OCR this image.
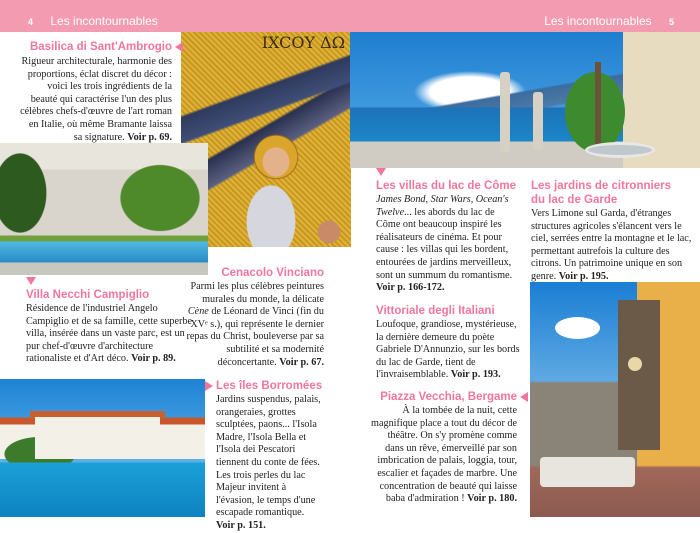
4 Les incontournables	Les incontournables 5
IXCOΥ ΔΩ
Basilica di Sant'Ambrogio
Rigueur architecturale, harmonie des proportions, éclat discret du décor : voici les trois ingrédients de la beauté qui caractérise l'un des plus célèbres chefs-d'œuvre de l'art roman en Italie, où même Bramante laissa sa signature. Voir p. 69.
Villa Necchi Campiglio
Résidence de l'industriel Angelo Campiglio et de sa famille, cette superbe villa, insérée dans un vaste parc, est un pur chef-d'œuvre d'architecture rationaliste et d'Art déco. Voir p. 89.
Cenacolo Vinciano
Parmi les plus célèbres peintures murales du monde, la délicate Cène de Léonard de Vinci (fin du XVᵉ s.), qui représente le dernier repas du Christ, bouleverse par sa subtilité et sa modernité déconcertante. Voir p. 67.
Les îles Borromées
Jardins suspendus, palais, orangeraies, grottes sculptées, paons... l'Isola Madre, l'Isola Bella et l'Isola dei Pescatori tiennent du conte de fées. Les trois perles du lac Majeur invitent à l'évasion, le temps d'une escapade romantique. Voir p. 151.
Les villas du lac de Côme
James Bond, Star Wars, Ocean's Twelve... les abords du lac de Côme ont beaucoup inspiré les réalisateurs de cinéma. Et pour cause : les villas qui les bordent, entourées de jardins merveilleux, sont un summum du romantisme. Voir p. 166-172.
Les jardins de citronniers
du lac de Garde
Vers Limone sul Garda, d'étranges structures agricoles s'élancent vers le ciel, serrées entre la montagne et le lac, permettant autrefois la culture des citrons. Un patrimoine unique en son genre. Voir p. 195.
Vittoriale degli Italiani
Loufoque, grandiose, mystérieuse, la dernière demeure du poète Gabriele D'Annunzio, sur les bords du lac de Garde, tient de l'invraisemblable. Voir p. 193.
Piazza Vecchia, Bergame
À la tombée de la nuit, cette magnifique place a tout du décor de théâtre. On s'y promène comme dans un rêve, émerveillé par son imbrication de palais, loggia, tour, escalier et façades de marbre. Une concentration de beauté qui laisse baba d'admiration ! Voir p. 180.
